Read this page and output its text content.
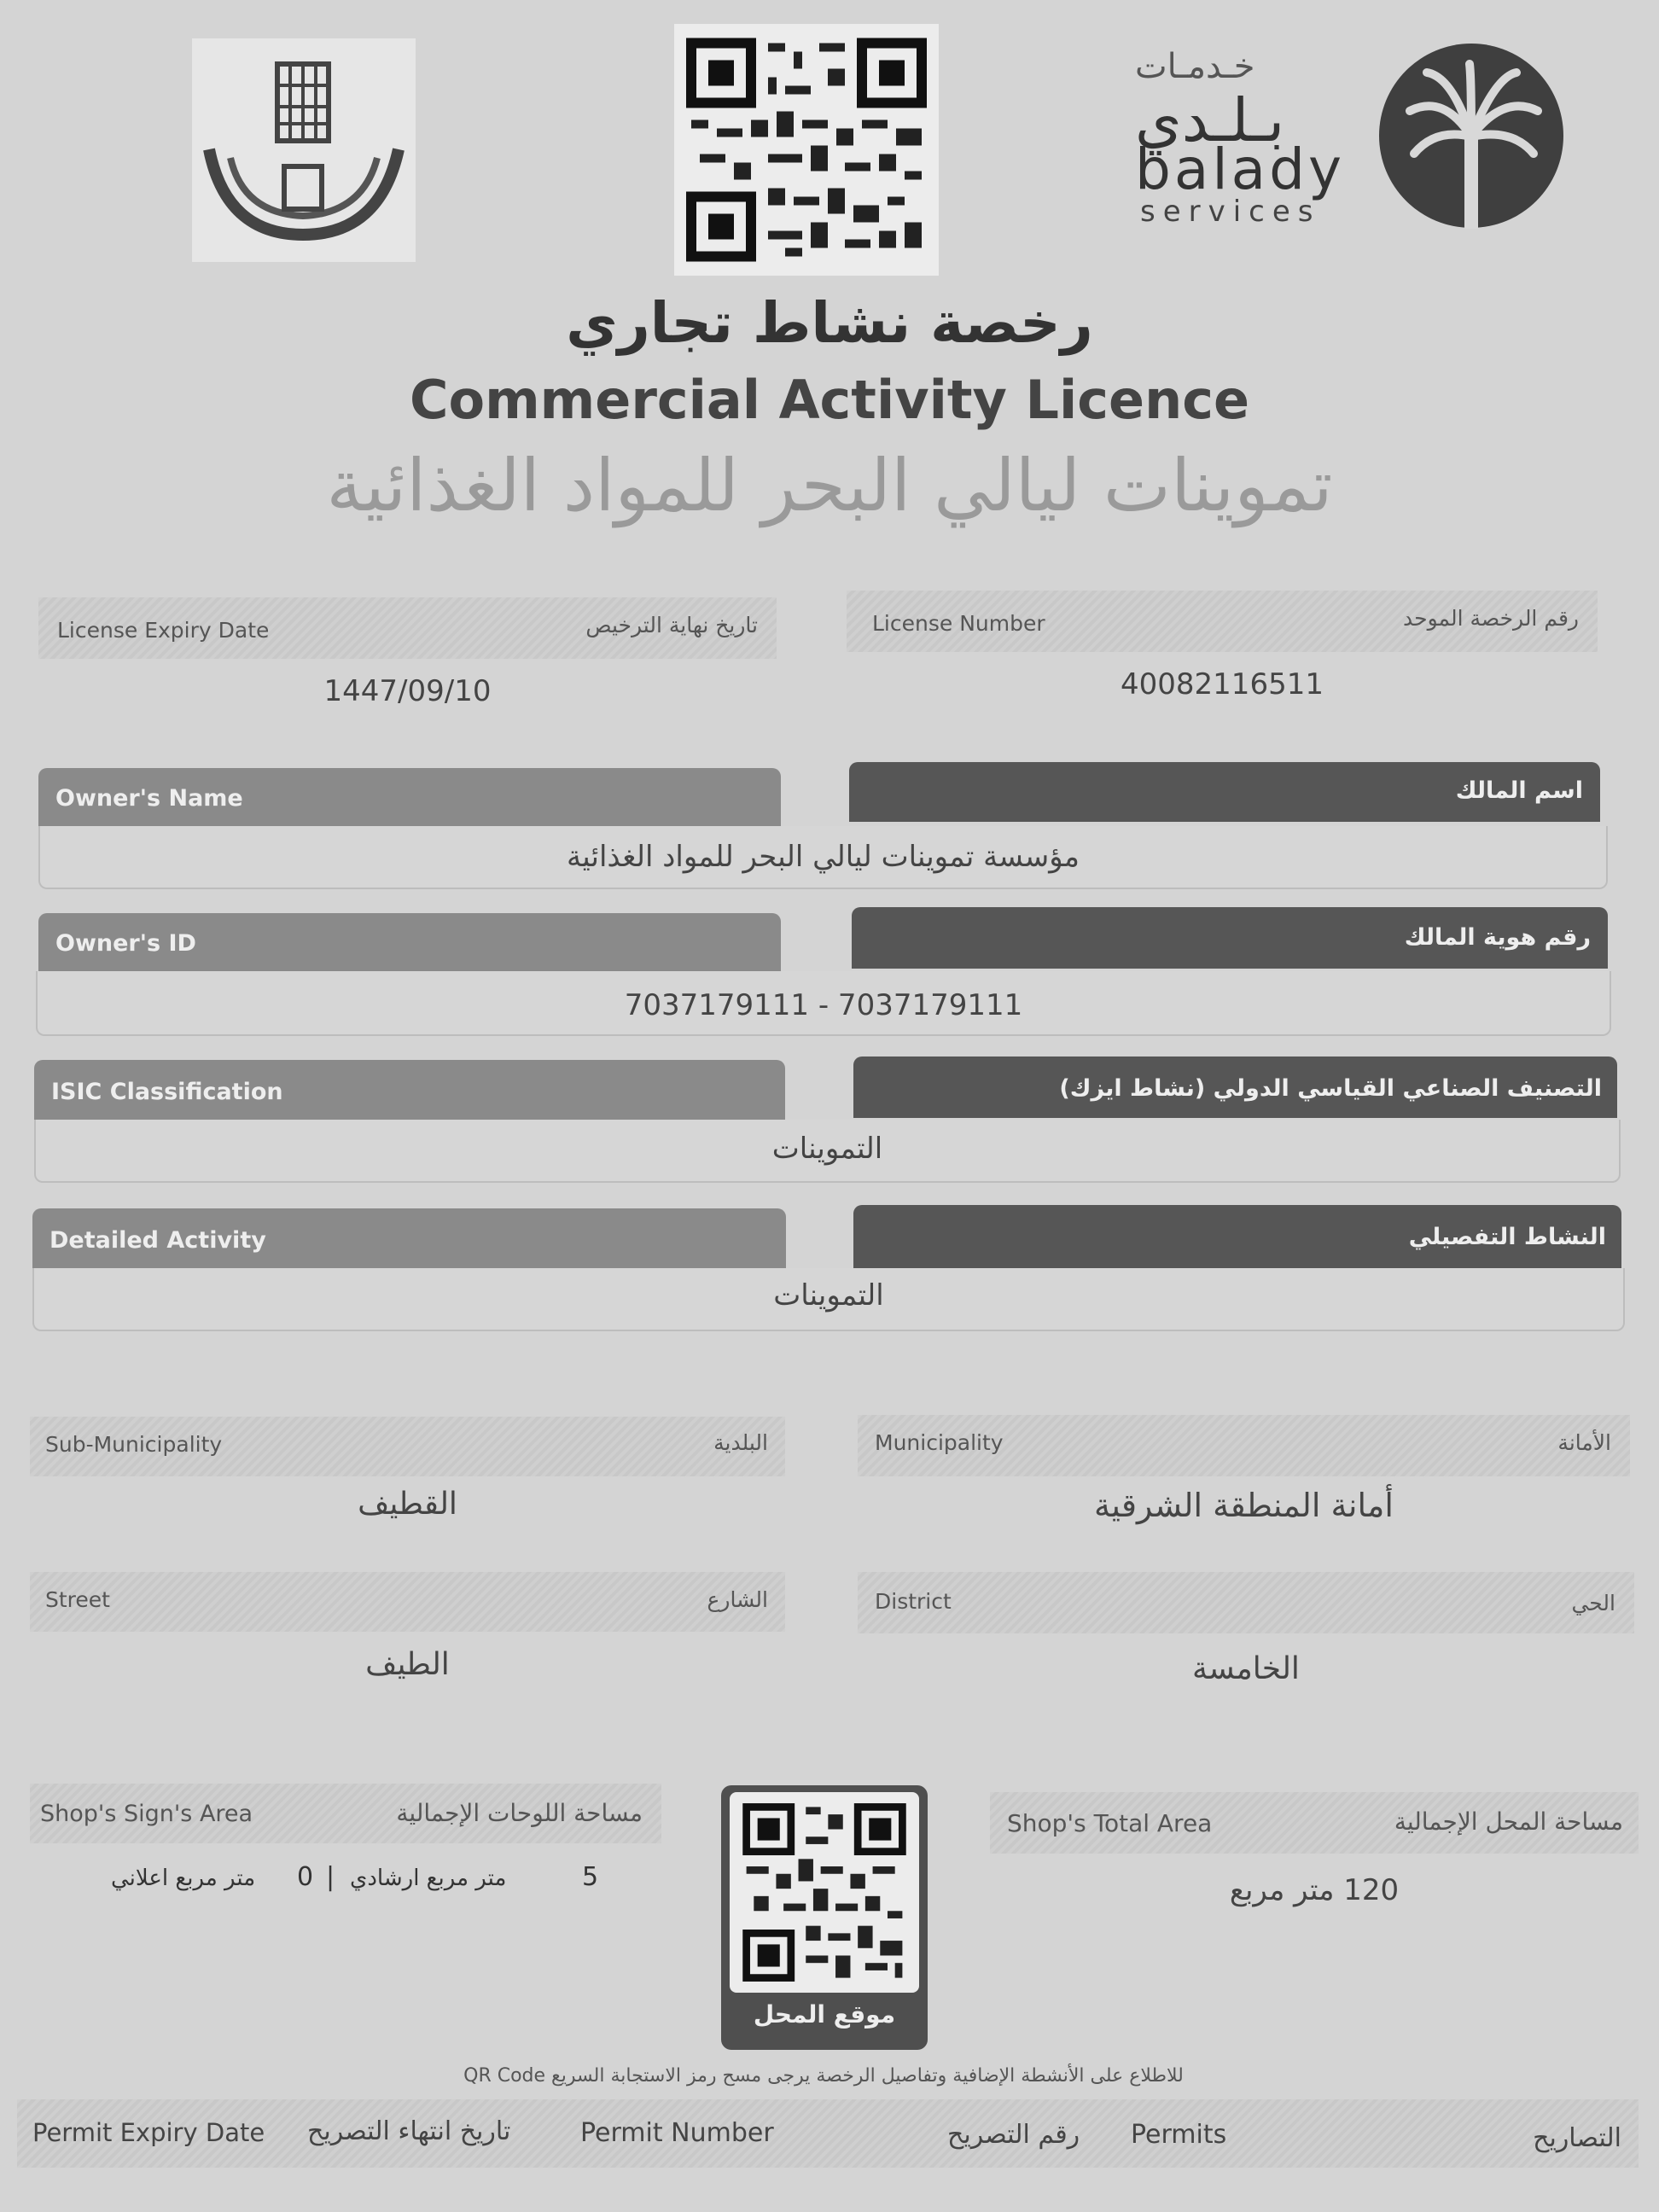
خـدمـات
بـلـدي
balady
services
رخصة نشاط تجاري
Commercial Activity Licence
تموينات ليالي البحر للمواد الغذائية
License Expiry Date	تاريخ نهاية الترخيص
1447/09/10
License Number	رقم الرخصة الموحد
40082116511
Owner's Name	اسم المالك
مؤسسة تموينات ليالي البحر للمواد الغذائية
Owner's ID	رقم هوية المالك
7037179111 - 7037179111
ISIC Classification	التصنيف الصناعي القياسي الدولي (نشاط ايزك)
التموينات
Detailed Activity	النشاط التفصيلي
التموينات
Sub-Municipality	البلدية
القطيف
Municipality	الأمانة
أمانة المنطقة الشرقية
Street	الشارع
الطيف
District	الحي
الخامسة
Shop's Sign's Area	مساحة اللوحات الإجمالية
متر مربع اعلاني 0 | متر مربع ارشادي	5
موقع المحل
Shop's Total Area	مساحة المحل الإجمالية
120 متر مربع
للاطلاع على الأنشطة الإضافية وتفاصيل الرخصة يرجى مسح رمز الاستجابة السريع QR Code
Permit Expiry Date تاريخ انتهاء التصريح	Permit Number	رقم التصريح Permits	التصاريح
